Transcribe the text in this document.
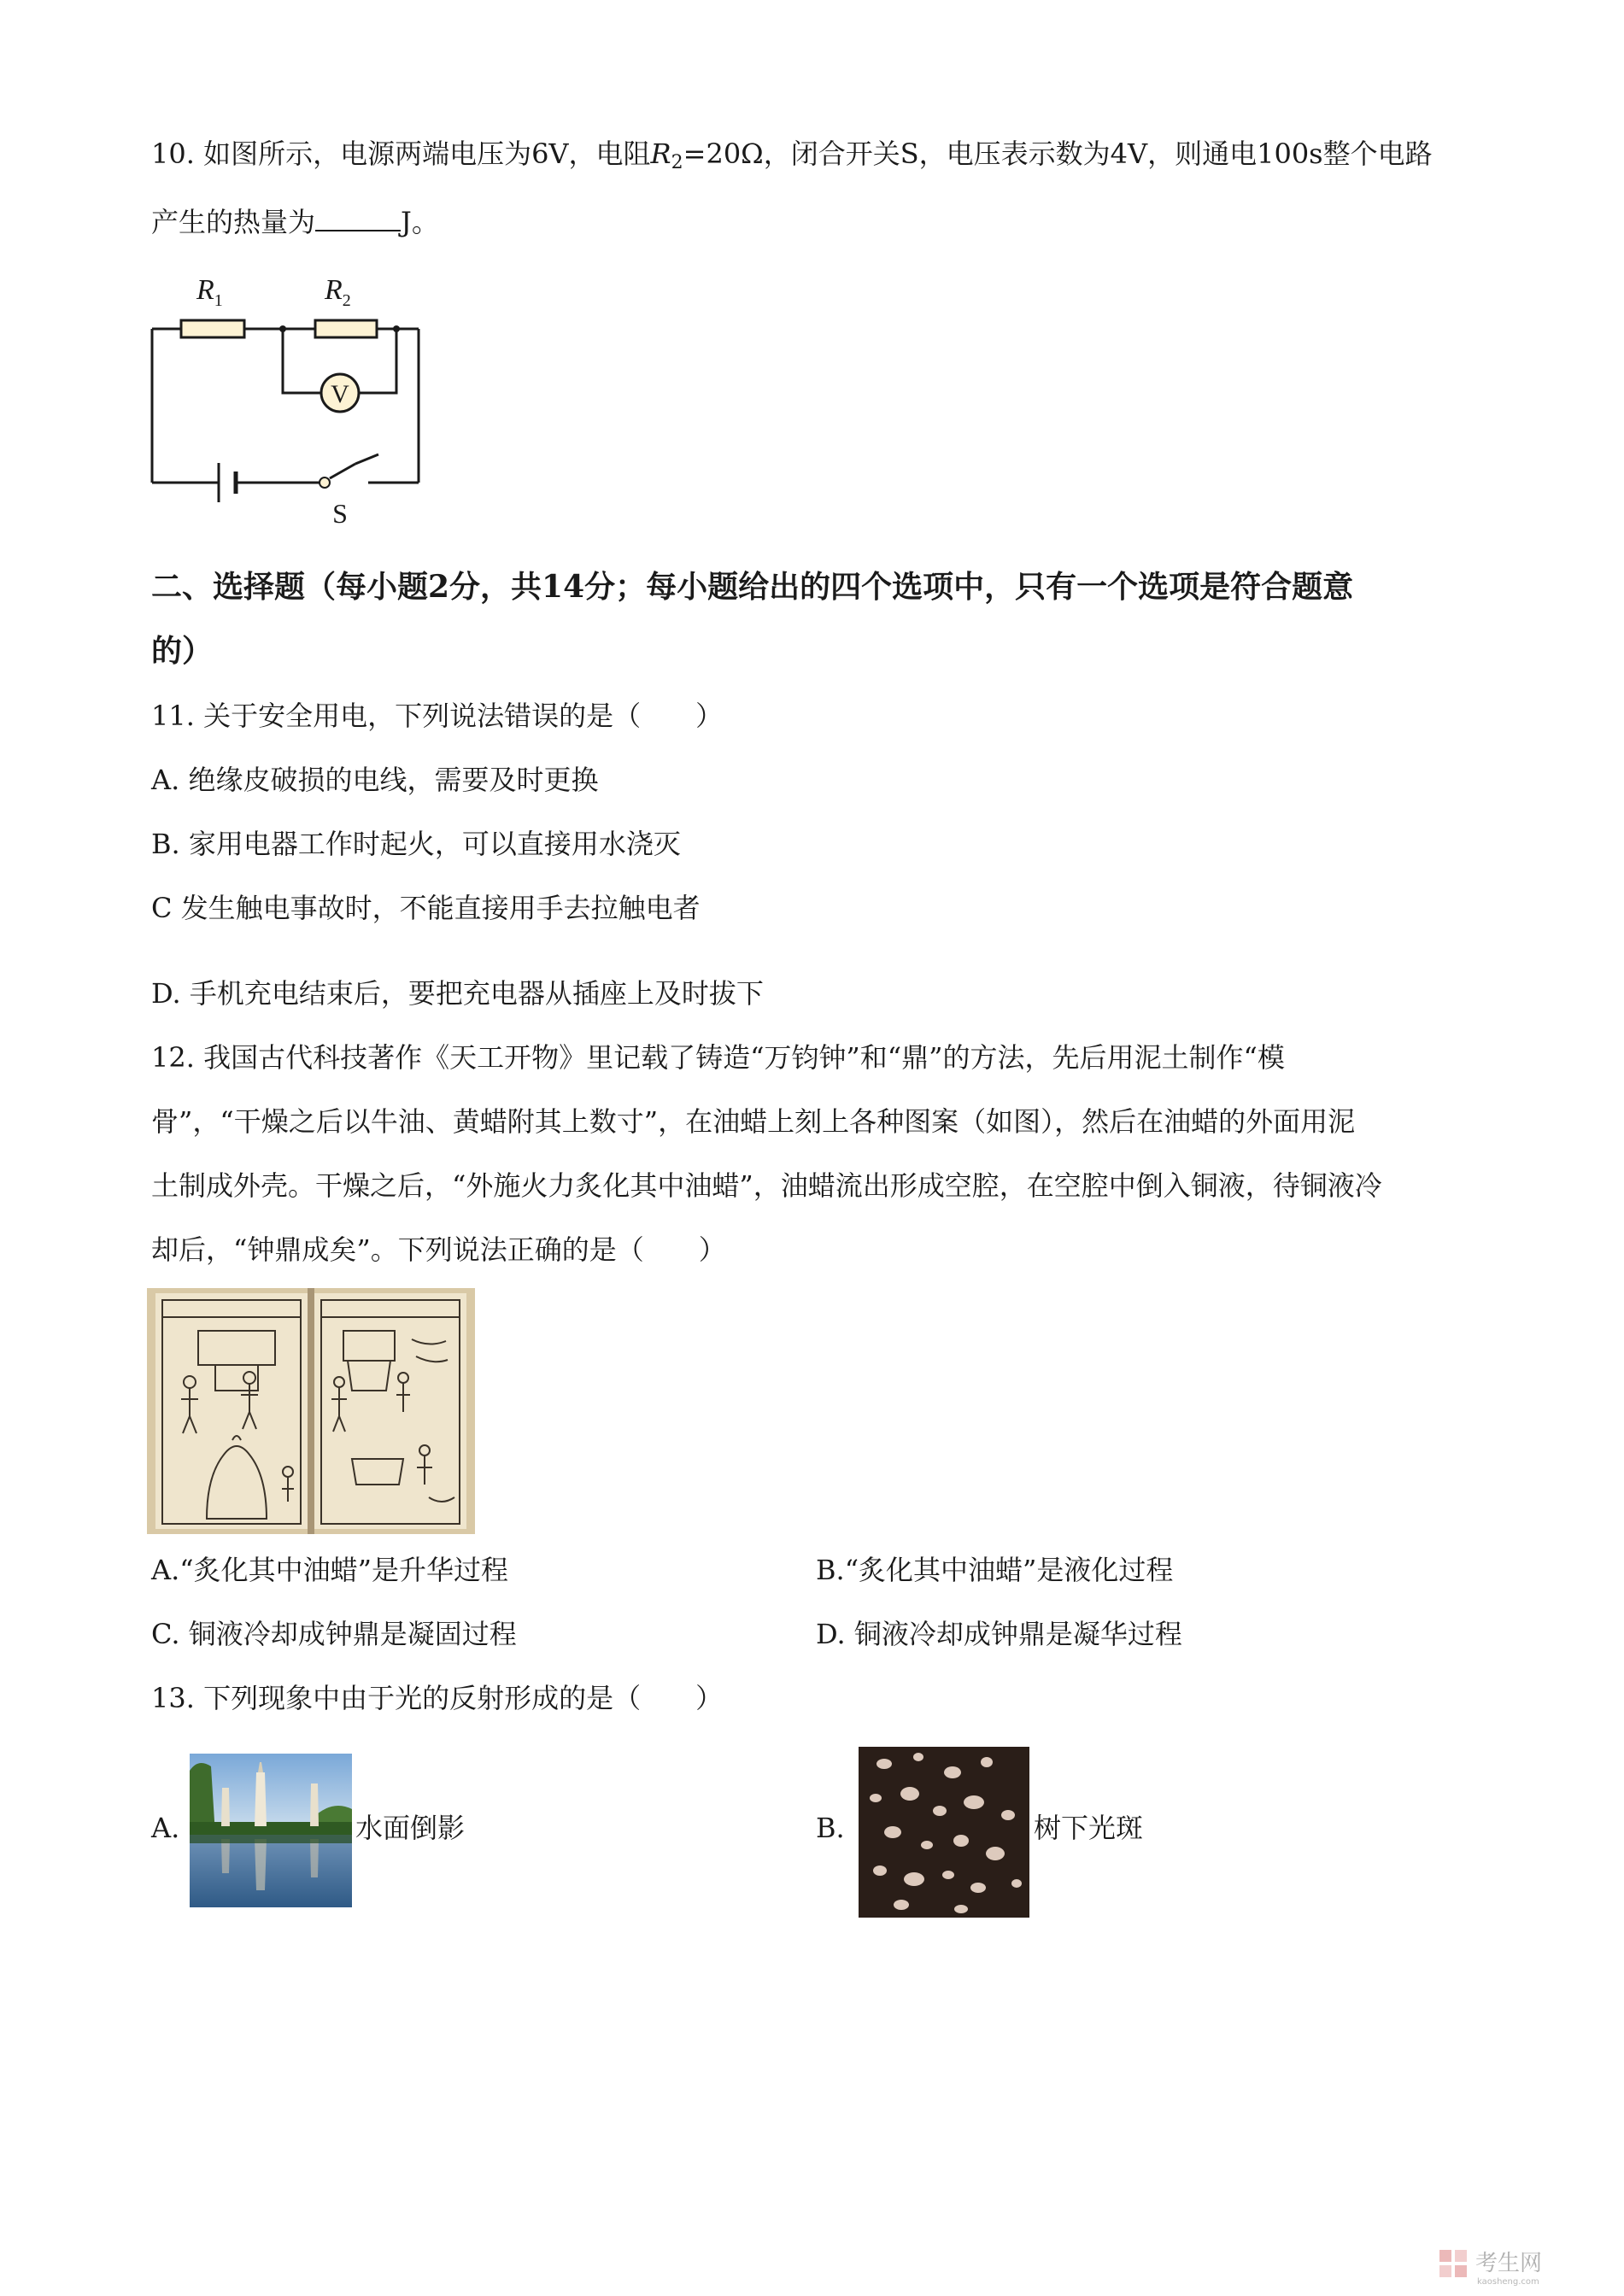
10. 如图所示，电源两端电压为6V，电阻$R_2=20\Omega$，闭合开关S，电压表示数为4V，则通电100s整个电路
产生的热量为	J。
V
$R_1$	$R_2$
S
二、选择题（每小题2分，共14分；每小题给出的四个选项中，只有一个选项是符合题意
的）
11. 关于安全用电，下列说法错误的是（　　）
A. 绝缘皮破损的电线，需要及时更换
B. 家用电器工作时起火，可以直接用水浇灭
C 发生触电事故时，不能直接用手去拉触电者
D. 手机充电结束后，要把充电器从插座上及时拔下
12. 我国古代科技著作《天工开物》里记载了铸造“万钧钟”和“鼎”的方法，先后用泥土制作“模
骨”，“干燥之后以牛油、黄蜡附其上数寸”，在油蜡上刻上各种图案（如图），然后在油蜡的外面用泥
土制成外壳。干燥之后，“外施火力炙化其中油蜡”，油蜡流出形成空腔，在空腔中倒入铜液，待铜液冷
却后，“钟鼎成矣”。下列说法正确的是（　　）
A.“炙化其中油蜡”是升华过程	B.“炙化其中油蜡”是液化过程
C. 铜液冷却成钟鼎是凝固过程	D. 铜液冷却成钟鼎是凝华过程
13. 下列现象中由于光的反射形成的是（　　）
A.	水面倒影	B.	树下光斑
考生网
kaosheng.com
